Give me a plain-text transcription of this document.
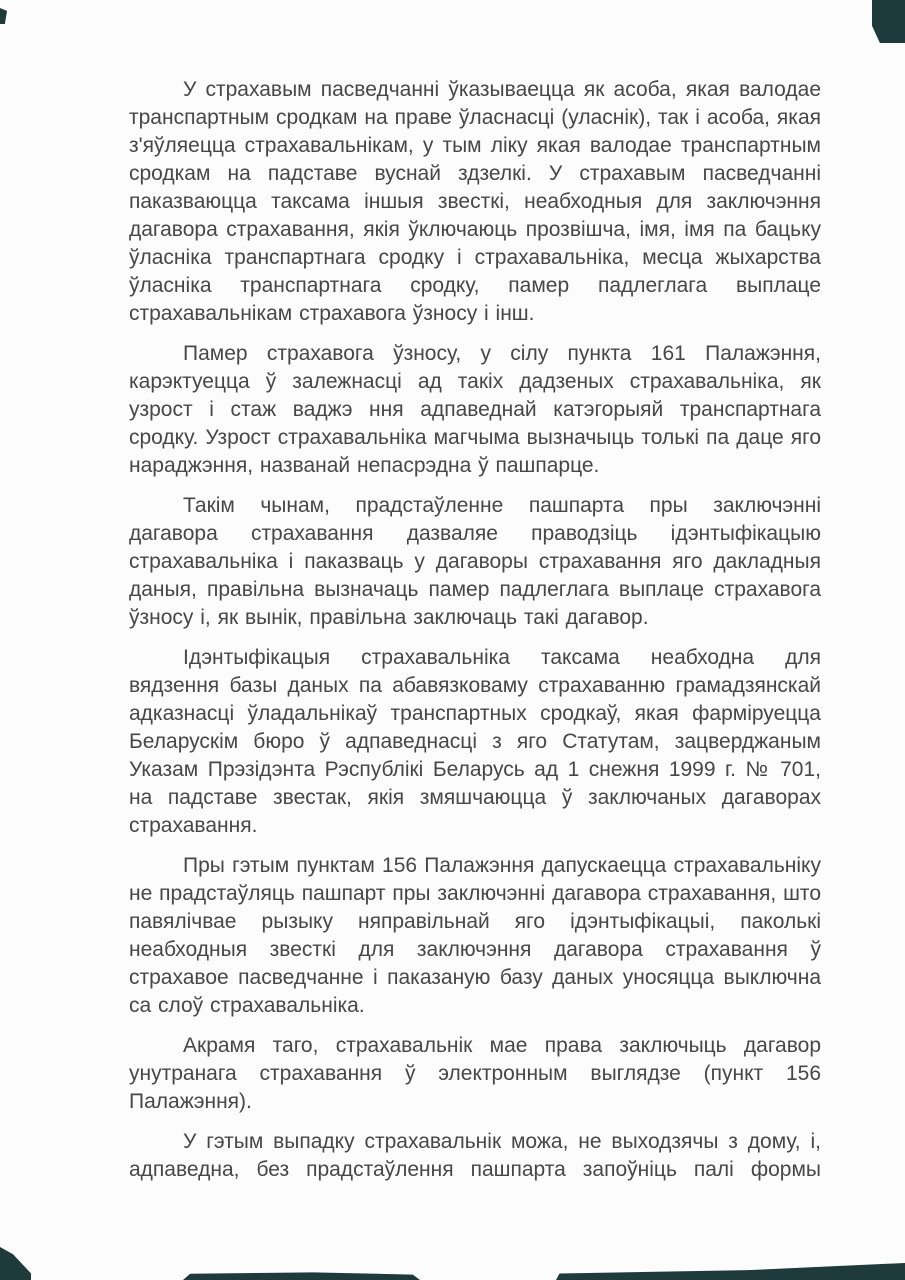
У страхавым пасведчанні ўказываецца як асоба, якая валодае транспартным сродкам на праве ўласнасці (уласнік), так і асоба, якая з'яўляецца страхавальнікам, у тым ліку якая валодае транспартным сродкам на падставе вуснай здзелкі. У страхавым пасведчанні паказваюцца таксама іншыя звесткі, неабходныя для заключэння дагавора страхавання, якія ўключаюць прозвішча, імя, імя па бацьку ўласніка транспартнага сродку і страхавальніка, месца жыхарства ўласніка транспартнага сродку, памер падлеглага выплаце страхавальнікам страхавога ўзносу і інш.

Памер страхавога ўзносу, у сілу пункта 161 Палажэння, карэктуецца ў залежнасці ад такіх дадзеных страхавальніка, як узрост і стаж ваджэ ння адпаведнай катэгорыяй транспартнага сродку. Узрост страхавальніка магчыма вызначыць толькі па даце яго нараджэння, названай непасрэдна ў пашпарце.

Такім чынам, прадстаўленне пашпарта пры заключэнні дагавора страхавання дазваляе праводзіць ідэнтыфікацыю страхавальніка і паказваць у дагаворы страхавання яго дакладныя даныя, правільна вызначаць памер падлеглага выплаце страхавога ўзносу і, як вынік, правільна заключаць такі дагавор.

Ідэнтыфікацыя страхавальніка таксама неабходна для вядзення базы даных па абавязковаму страхаванню грамадзянскай адказнасці ўладальнікаў транспартных сродкаў, якая фарміруецца Беларускім бюро ў адпаведнасці з яго Статутам, зацверджаным Указам Прэзідэнта Рэспублікі Беларусь ад 1 снежня 1999 г. № 701, на падставе звестак, якія змяшчаюцца ў заключаных дагаворах страхавання.

Пры гэтым пунктам 156 Палажэння дапускаецца страхавальніку не прадстаўляць пашпарт пры заключэнні дагавора страхавання, што павялічвае рызыку няправільнай яго ідэнтыфікацыі, паколькі неабходныя звесткі для заключэння дагавора страхавання ў страхавое пасведчанне і паказаную базу даных уносяцца выключна са слоў страхавальніка.

Акрамя таго, страхавальнік мае права заключыць дагавор унутранага страхавання ў электронным выглядзе (пункт 156 Палажэння).

У гэтым выпадку страхавальнік можа, не выходзячы з дому, і, адпаведна, без прадстаўлення пашпарта запоўніць палі формы
